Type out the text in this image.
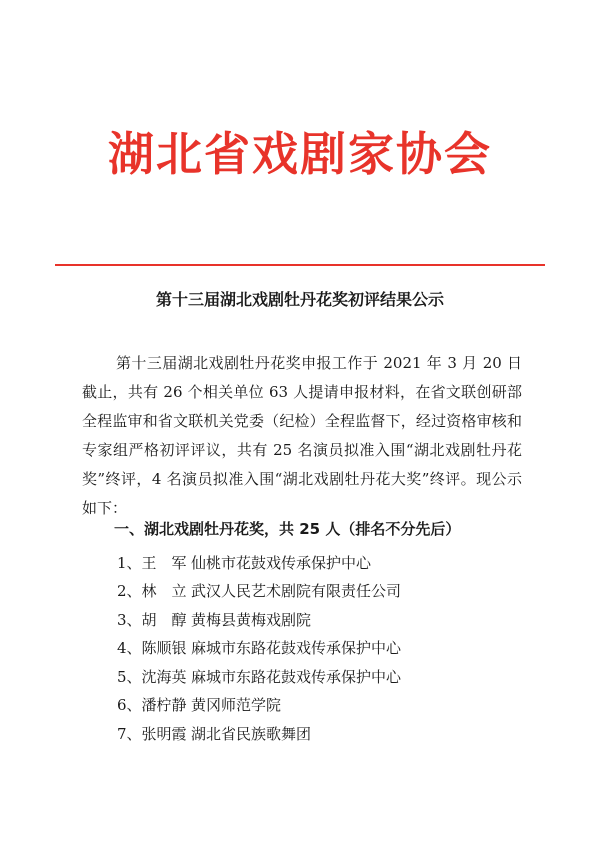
湖北省戏剧家协会
第十三届湖北戏剧牡丹花奖初评结果公示

第十三届湖北戏剧牡丹花奖申报工作于 2021 年 3 月 20 日截止，共有 26 个相关单位 63 人提请申报材料，在省文联创研部全程监审和省文联机关党委（纪检）全程监督下，经过资格审核和专家组严格初评评议，共有 25 名演员拟准入围“湖北戏剧牡丹花奖”终评，4 名演员拟准入围“湖北戏剧牡丹花大奖”终评。现公示如下：

一、湖北戏剧牡丹花奖，共 25 人（排名不分先后）
1、王　军 仙桃市花鼓戏传承保护中心
2、林　立 武汉人民艺术剧院有限责任公司
3、胡　醇 黄梅县黄梅戏剧院
4、陈顺银 麻城市东路花鼓戏传承保护中心
5、沈海英 麻城市东路花鼓戏传承保护中心
6、潘柠静 黄冈师范学院
7、张明霞 湖北省民族歌舞团
